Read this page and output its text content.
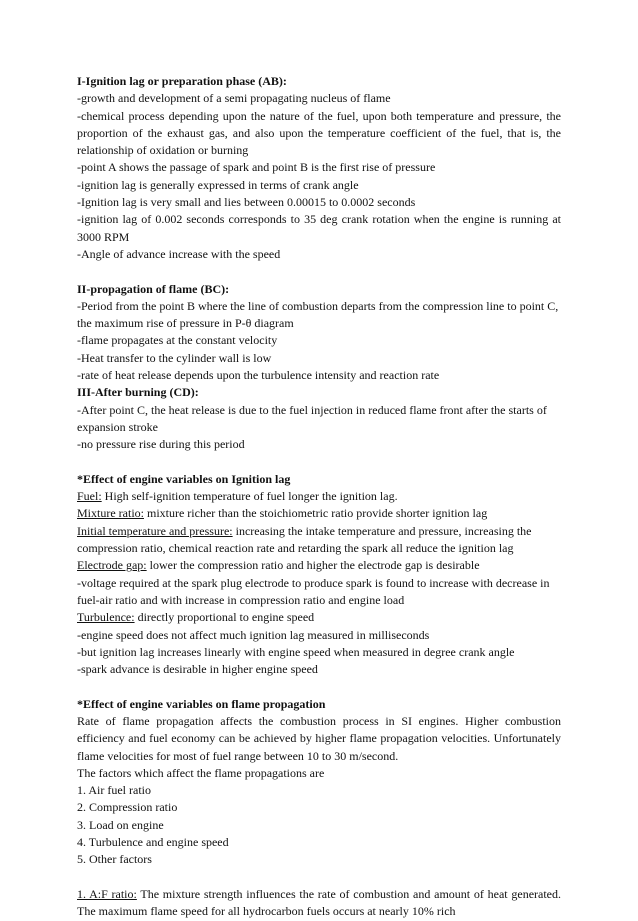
I-Ignition lag or preparation phase (AB):

-growth and development of a semi propagating nucleus of flame

-chemical process depending upon the nature of the fuel, upon both temperature and pressure, the proportion of the exhaust gas, and also upon the temperature coefficient of the fuel, that is, the relationship of oxidation or burning

-point A shows the passage of spark and point B is the first rise of pressure

-ignition lag is generally expressed in terms of crank angle

-Ignition lag is very small and lies between 0.00015 to 0.0002 seconds

-ignition lag of 0.002 seconds corresponds to 35 deg crank rotation when the engine is running at 3000 RPM

-Angle of advance increase with the speed

II-propagation of flame (BC):

-Period from the point B where the line of combustion departs from the compression line to point C, the maximum rise of pressure in P-θ diagram

-flame propagates at the constant velocity

-Heat transfer to the cylinder wall is low

-rate of heat release depends upon the turbulence intensity and reaction rate

III-After burning (CD):

-After point C, the heat release is due to the fuel injection in reduced flame front after the starts of expansion stroke

-no pressure rise during this period

*Effect of engine variables on Ignition lag

Fuel: High self-ignition temperature of fuel longer the ignition lag.

Mixture ratio: mixture richer than the stoichiometric ratio provide shorter ignition lag

Initial temperature and pressure: increasing the intake temperature and pressure, increasing the compression ratio, chemical reaction rate and retarding the spark all reduce the ignition lag

Electrode gap: lower the compression ratio and higher the electrode gap is desirable

-voltage required at the spark plug electrode to produce spark is found to increase with decrease in fuel-air ratio and with increase in compression ratio and engine load

Turbulence: directly proportional to engine speed

-engine speed does not affect much ignition lag measured in milliseconds

-but ignition lag increases linearly with engine speed when measured in degree crank angle

-spark advance is desirable in higher engine speed

*Effect of engine variables on flame propagation

Rate of flame propagation affects the combustion process in SI engines. Higher combustion efficiency and fuel economy can be achieved by higher flame propagation velocities. Unfortunately flame velocities for most of fuel range between 10 to 30 m/second.

The factors which affect the flame propagations are

1. Air fuel ratio

2. Compression ratio

3. Load on engine

4. Turbulence and engine speed

5. Other factors

1. A:F ratio: The mixture strength influences the rate of combustion and amount of heat generated. The maximum flame speed for all hydrocarbon fuels occurs at nearly 10% rich
